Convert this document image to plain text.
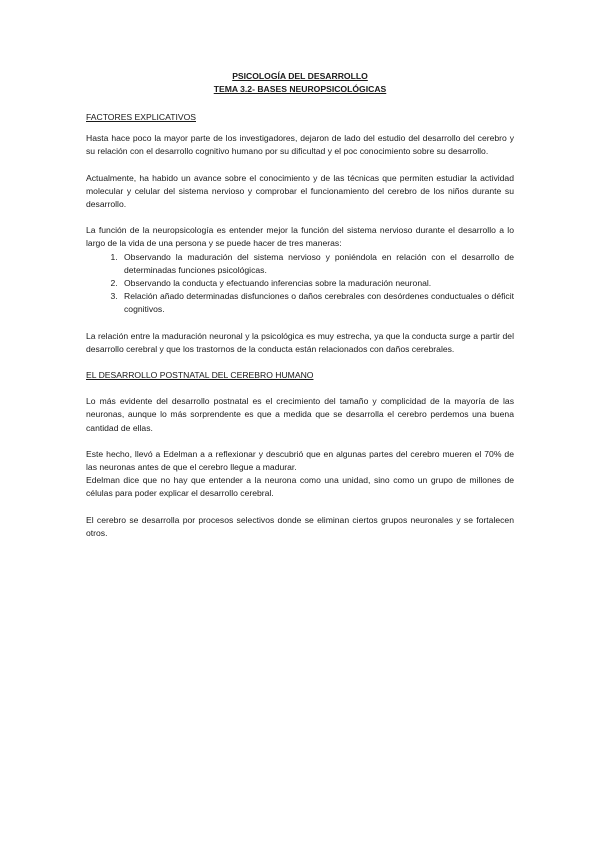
PSICOLOGÍA DEL DESARROLLO
TEMA 3.2- BASES NEUROPSICOLÓGICAS
FACTORES EXPLICATIVOS

Hasta hace poco la mayor parte de los investigadores, dejaron de lado del estudio del desarrollo del cerebro y su relación con el desarrollo cognitivo humano por su dificultad y el poc conocimiento sobre su desarrollo.

Actualmente, ha habido un avance sobre el conocimiento y de las técnicas que permiten estudiar la actividad molecular y celular del sistema nervioso y comprobar el funcionamiento del cerebro de los niños durante su desarrollo.

La función de la neuropsicología es entender mejor la función del sistema nervioso durante el desarrollo a lo largo de la vida de una persona y se puede hacer de tres maneras:

1. Observando la maduración del sistema nervioso y poniéndola en relación con el desarrollo de determinadas funciones psicológicas.
2. Observando la conducta y efectuando inferencias sobre la maduración neuronal.
3. Relación añado determinadas disfunciones o daños cerebrales con desórdenes conductuales o déficit cognitivos.

La relación entre la maduración neuronal y la psicológica es muy estrecha, ya que la conducta surge a partir del desarrollo cerebral y que los trastornos de la conducta están relacionados con daños cerebrales.

EL DESARROLLO POSTNATAL DEL CEREBRO HUMANO

Lo más evidente del desarrollo postnatal es el crecimiento del tamaño y complicidad de la mayoría de las neuronas, aunque lo más sorprendente es que a medida que se desarrolla el cerebro perdemos una buena cantidad de ellas.

Este hecho, llevó a Edelman a a reflexionar y descubrió que en algunas partes del cerebro mueren el 70% de las neuronas antes de que el cerebro llegue a madurar.

Edelman dice que no hay que entender a la neurona como una unidad, sino como un grupo de millones de células para poder explicar el desarrollo cerebral.

El cerebro se desarrolla por procesos selectivos donde se eliminan ciertos grupos neuronales y se fortalecen otros.
